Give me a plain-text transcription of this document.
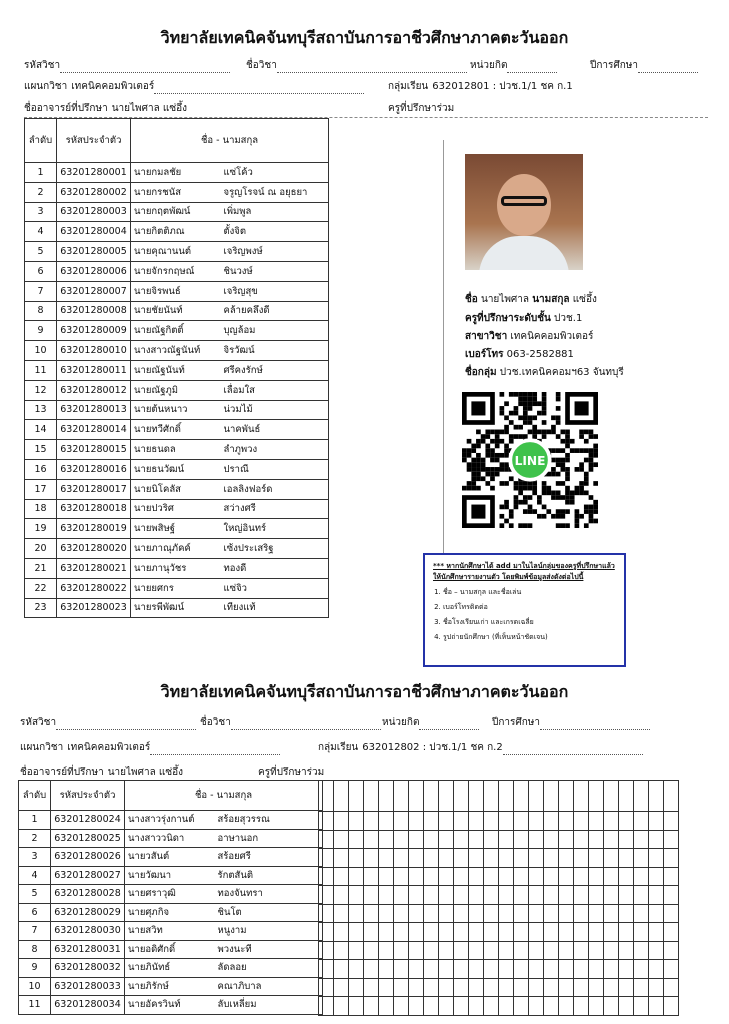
วิทยาลัยเทคนิคจันทบุรีสถาบันการอาชีวศึกษาภาคตะวันออก
รหัสวิชา	ชื่อวิชา	หน่วยกิต	ปีการศึกษา
แผนกวิชา เทคนิคคอมพิวเตอร์	กลุ่มเรียน 632012801 : ปวช.1/1 ชค ก.1
ชื่ออาจารย์ที่ปรึกษา นายไพศาล แซ่อึ้ง	ครูที่ปรึกษาร่วม
ลำดับ	รหัสประจำตัว	ชื่อ - นามสกุล	
1	63201280001	นายกมลชัย	แซ่โค้ว
2	63201280002	นายกรชนัส	จรูญโรจน์ ณ อยุธยา
3	63201280003	นายกฤตพัฒน์	เพิ่มพูล
4	63201280004	นายกิตติภณ	ตั้งจิต
5	63201280005	นายคุณานนต์	เจริญพงษ์
6	63201280006	นายจักรกฤษณ์	ชินวงษ์
7	63201280007	นายจิรพนธ์	เจริญสุข
8	63201280008	นายชัยนันท์	คล้ายคลึงดี
9	63201280009	นายณัฐกิตติ์	บุญล้อม
10	63201280010	นางสาวณัฐนันท์	จิรวัฒน์
11	63201280011	นายณัฐนันท์	ศรีคงรักษ์
12	63201280012	นายณัฐภูมิ	เลื่อมใส
13	63201280013	นายต้นหนาว	น่วมไม้
14	63201280014	นายทวีศักดิ์	นาคพันธ์
15	63201280015	นายธนดล	ลำภูพวง
16	63201280016	นายธนวัฒน์	ปราณี
17	63201280017	นายนิโคลัส	เอลลิงฟอร์ด
18	63201280018	นายปวริศ	สว่างศรี
19	63201280019	นายพสิษฐ์	ใหญ่อินทร์
20	63201280020	นายภาณุภัคค์	เซ้งประเสริฐ
21	63201280021	นายภานุวัชร	ทองดี
22	63201280022	นายยศกร	แซ่จิว
23	63201280023	นายรพีพัฒน์	เทียงแท้
ชื่อ นายไพศาล นามสกุล แซ่อึ้ง
ครูที่ปรึกษาระดับชั้น ปวช.1
สาขาวิชา เทคนิคคอมพิวเตอร์
เบอร์โทร 063-2582881
ชื่อกลุ่ม ปวช.เทคนิคคอมฯ63 จันทบุรี
LINE

*** หากนักศึกษาได้ add มาในไลน์กลุ่มของครูที่ปรึกษาแล้ว ให้นักศึกษารายงานตัว โดยพิมพ์ข้อมูลส่งดังต่อไปนี้

1. ชื่อ – นามสกุล และชื่อเล่น
2. เบอร์โทรติดต่อ
3. ชื่อโรงเรียนเก่า และเกรดเฉลี่ย
4. รูปถ่ายนักศึกษา (ที่เห็นหน้าชัดเจน)
วิทยาลัยเทคนิคจันทบุรีสถาบันการอาชีวศึกษาภาคตะวันออก
รหัสวิชา	ชื่อวิชา	หน่วยกิต	ปีการศึกษา
แผนกวิชา เทคนิคคอมพิวเตอร์	กลุ่มเรียน 632012802 : ปวช.1/1 ชค ก.2
ชื่ออาจารย์ที่ปรึกษา นายไพศาล แซ่อึ้ง	ครูที่ปรึกษาร่วม
ลำดับ	รหัสประจำตัว	ชื่อ - นามสกุล	
1	63201280024	นางสาวรุ่งกานต์	สร้อยสุวรรณ
2	63201280025	นางสาววนิดา	อาษานอก
3	63201280026	นายวสันต์	สร้อยศรี
4	63201280027	นายวัฒนา	รักตสันติ
5	63201280028	นายศราวุฒิ	ทองจันทรา
6	63201280029	นายศุภกิจ	ชินโต
7	63201280030	นายสวิท	หนูงาม
8	63201280031	นายอดิศักดิ์	พวงนะที
9	63201280032	นายภินัทธ์	ลัดลอย
10	63201280033	นายภิรักษ์	คณาภิบาล
11	63201280034	นายอัครวินท์	ลับเหลี่ยม
